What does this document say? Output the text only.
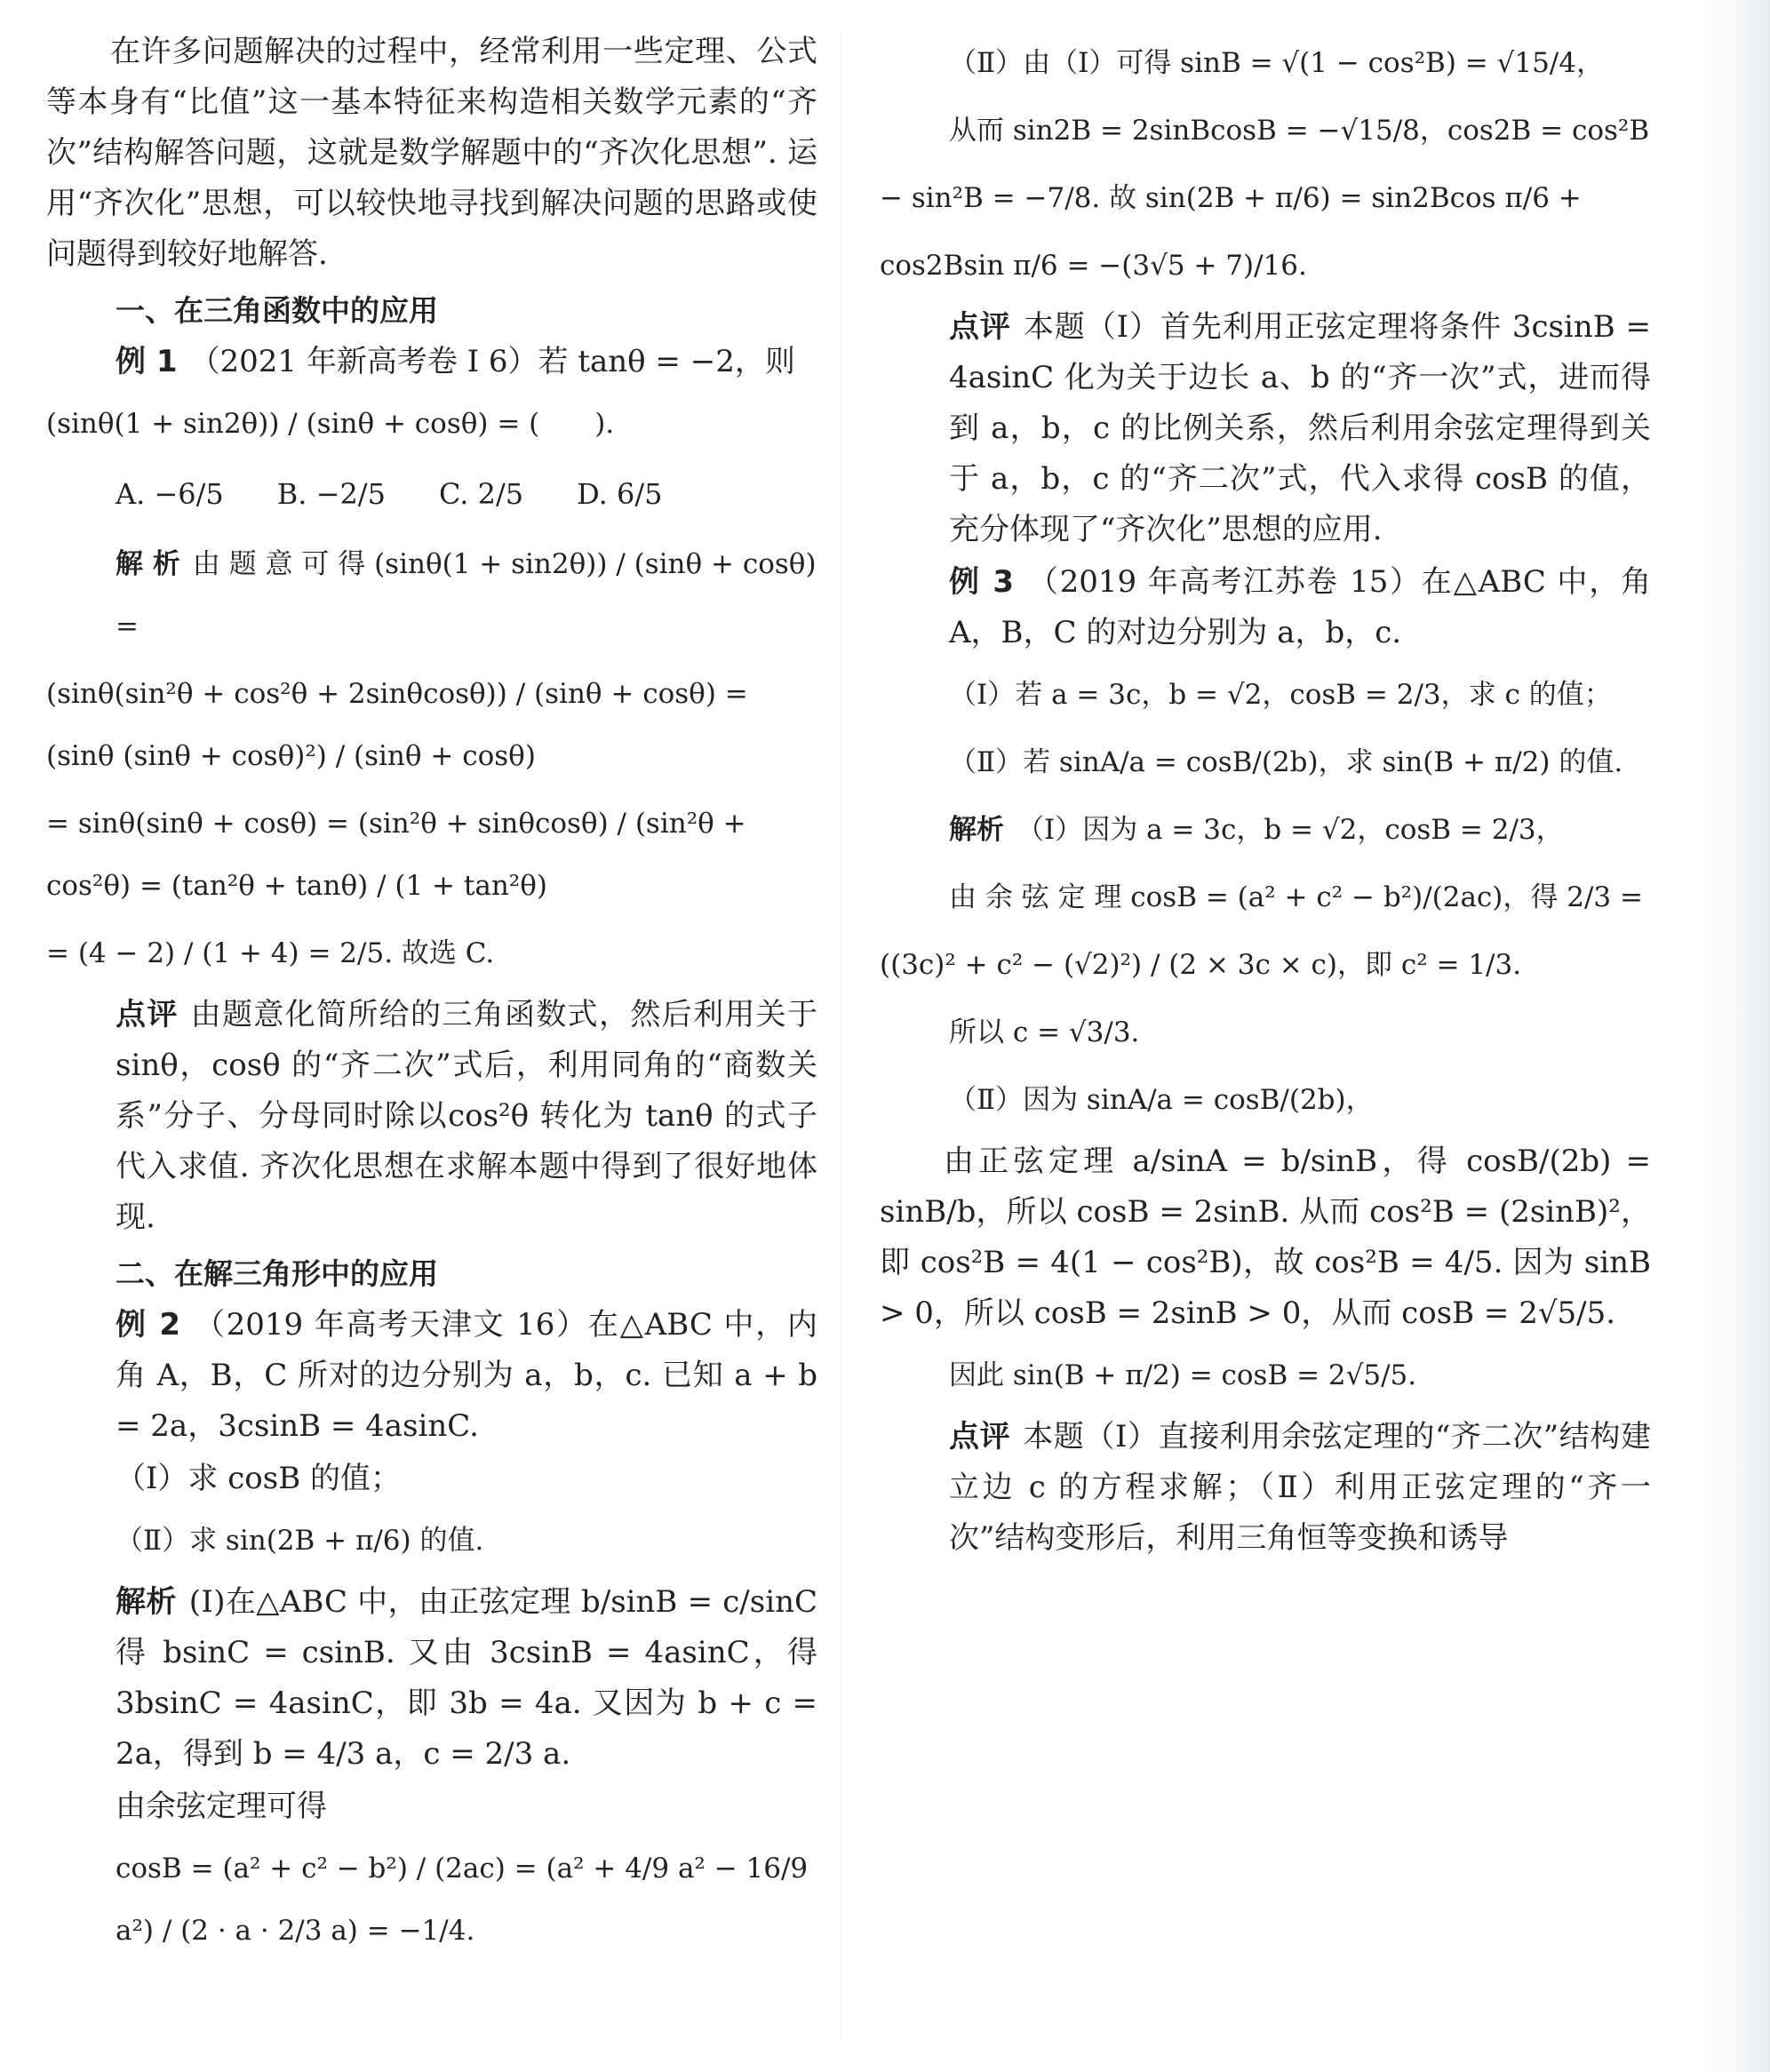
在许多问题解决的过程中，经常利用一些定理、公式等本身有“比值”这一基本特征来构造相关数学元素的“齐次”结构解答问题，这就是数学解题中的“齐次化思想”. 运用“齐次化”思想，可以较快地寻找到解决问题的思路或使问题得到较好地解答.

一、在三角函数中的应用

例 1 （2021 年新高考卷 Ⅰ 6）若 tanθ = −2，则

(sinθ(1 + sin2θ)) / (sinθ + cosθ) = (　　).
A. −6/5 B. −2/5 C. 2/5 D. 6/5
解 析 由 题 意 可 得 (sinθ(1 + sin2θ)) / (sinθ + cosθ) =
(sinθ(sin²θ + cos²θ + 2sinθcosθ)) / (sinθ + cosθ) = (sinθ (sinθ + cosθ)²) / (sinθ + cosθ)
= sinθ(sinθ + cosθ) = (sin²θ + sinθcosθ) / (sin²θ + cos²θ) = (tan²θ + tanθ) / (1 + tan²θ)
= (4 − 2) / (1 + 4) = 2/5. 故选 C.

点评 由题意化简所给的三角函数式，然后利用关于 sinθ，cosθ 的“齐二次”式后，利用同角的“商数关系”分子、分母同时除以cos²θ 转化为 tanθ 的式子代入求值. 齐次化思想在求解本题中得到了很好地体现.

二、在解三角形中的应用

例 2 （2019 年高考天津文 16）在△ABC 中，内角 A，B，C 所对的边分别为 a，b，c. 已知 a + b = 2a，3csinB = 4asinC.

（Ⅰ）求 cosB 的值；
（Ⅱ）求 sin(2B + π/6) 的值.

解析 (Ⅰ)在△ABC 中，由正弦定理 b/sinB = c/sinC 得 bsinC = csinB. 又由 3csinB = 4asinC，得 3bsinC = 4asinC，即 3b = 4a. 又因为 b + c = 2a，得到 b = 4/3 a，c = 2/3 a.

由余弦定理可得
cosB = (a² + c² − b²) / (2ac) = (a² + 4/9 a² − 16/9 a²) / (2 · a · 2/3 a) = −1/4.
（Ⅱ）由（Ⅰ）可得 sinB = √(1 − cos²B) = √15/4，
从而 sin2B = 2sinBcosB = −√15/8，cos2B = cos²B
− sin²B = −7/8. 故 sin(2B + π/6) = sin2Bcos π/6 +
cos2Bsin π/6 = −(3√5 + 7)/16.

点评 本题（Ⅰ）首先利用正弦定理将条件 3csinB = 4asinC 化为关于边长 a、b 的“齐一次”式，进而得到 a，b，c 的比例关系，然后利用余弦定理得到关于 a，b，c 的“齐二次”式，代入求得 cosB 的值，充分体现了“齐次化”思想的应用.

例 3 （2019 年高考江苏卷 15）在△ABC 中，角 A，B，C 的对边分别为 a，b，c.

（Ⅰ）若 a = 3c，b = √2，cosB = 2/3，求 c 的值；
（Ⅱ）若 sinA/a = cosB/(2b)，求 sin(B + π/2) 的值.
解析 （Ⅰ）因为 a = 3c，b = √2，cosB = 2/3，
由 余 弦 定 理 cosB = (a² + c² − b²)/(2ac)，得 2/3 =
((3c)² + c² − (√2)²) / (2 × 3c × c)，即 c² = 1/3.
所以 c = √3/3.
（Ⅱ）因为 sinA/a = cosB/(2b)，

由正弦定理 a/sinA = b/sinB，得 cosB/(2b) = sinB/b，所以 cosB = 2sinB. 从而 cos²B = (2sinB)²，即 cos²B = 4(1 − cos²B)，故 cos²B = 4/5. 因为 sinB > 0，所以 cosB = 2sinB > 0，从而 cosB = 2√5/5.

因此 sin(B + π/2) = cosB = 2√5/5.

点评 本题（Ⅰ）直接利用余弦定理的“齐二次”结构建立边 c 的方程求解；（Ⅱ）利用正弦定理的“齐一次”结构变形后，利用三角恒等变换和诱导
